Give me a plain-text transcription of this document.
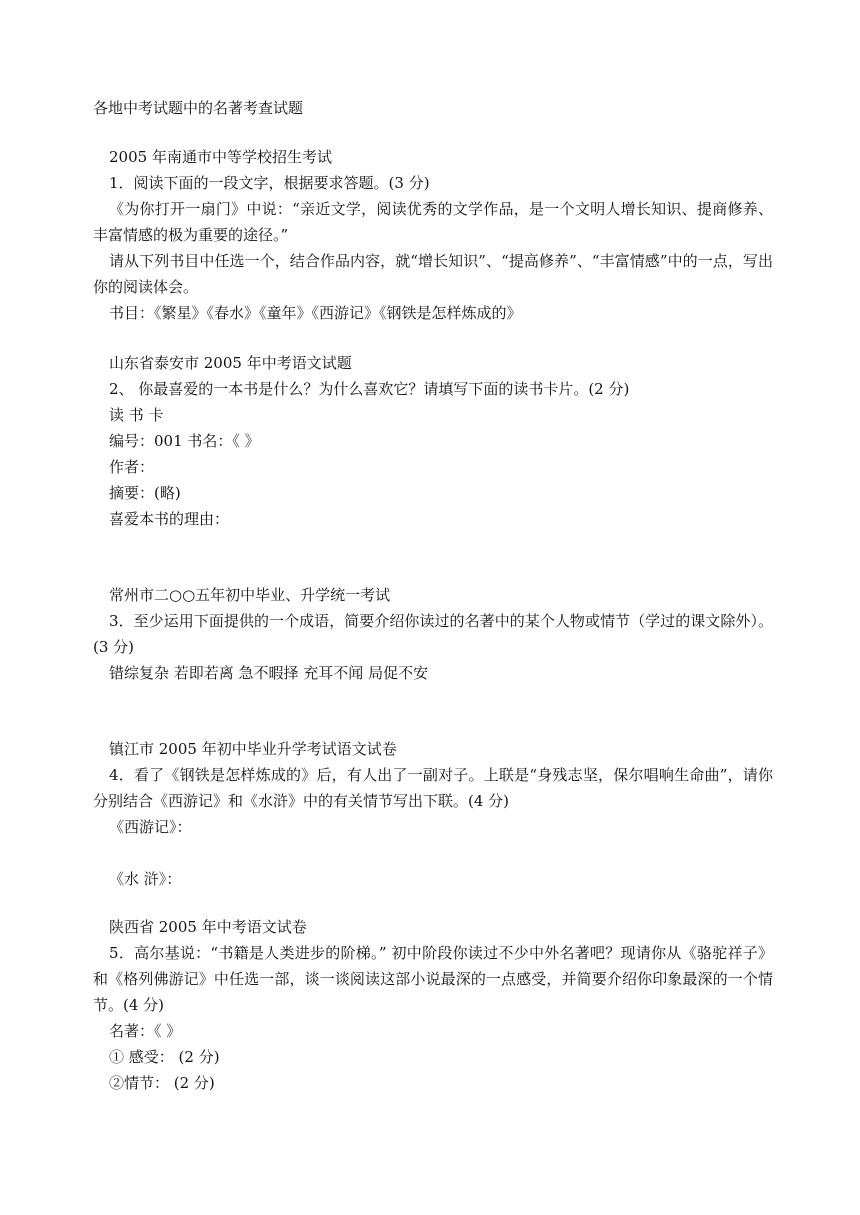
各地中考试题中的名著考查试题
2005 年南通市中等学校招生考试
1．阅读下面的一段文字，根据要求答题。(3 分)
《为你打开一扇门》中说：“亲近文学，阅读优秀的文学作品，是一个文明人增长知识、提商修养、丰富情感的极为重要的途径。”
请从下列书目中任选一个，结合作品内容，就“增长知识”、“提高修养”、“丰富情感”中的一点，写出你的阅读体会。
书目：《繁星》《春水》《童年》《西游记》《钢铁是怎样炼成的》
山东省泰安市 2005 年中考语文试题
2、 你最喜爱的一本书是什么？为什么喜欢它？请填写下面的读书卡片。(2 分)
读 书 卡
编号：001 书名：《 》
作者：
摘要：(略)
喜爱本书的理由：
常州市二○○五年初中毕业、升学统一考试
3．至少运用下面提供的一个成语，简要介绍你读过的名著中的某个人物或情节（学过的课文除外）。(3 分)
错综复杂 若即若离 急不暇择 充耳不闻 局促不安
镇江市 2005 年初中毕业升学考试语文试卷
4．看了《钢铁是怎样炼成的》后，有人出了一副对子。上联是“身残志坚，保尔唱响生命曲”，请你分别结合《西游记》和《水浒》中的有关情节写出下联。(4 分)
《西游记》：
《水 浒》：
陕西省 2005 年中考语文试卷
5．高尔基说：“书籍是人类进步的阶梯。” 初中阶段你读过不少中外名著吧？现请你从《骆驼祥子》和《格列佛游记》中任选一部，谈一谈阅读这部小说最深的一点感受，并简要介绍你印象最深的一个情节。(4 分)
名著：《 》
① 感受： (2 分)
②情节： (2 分)
